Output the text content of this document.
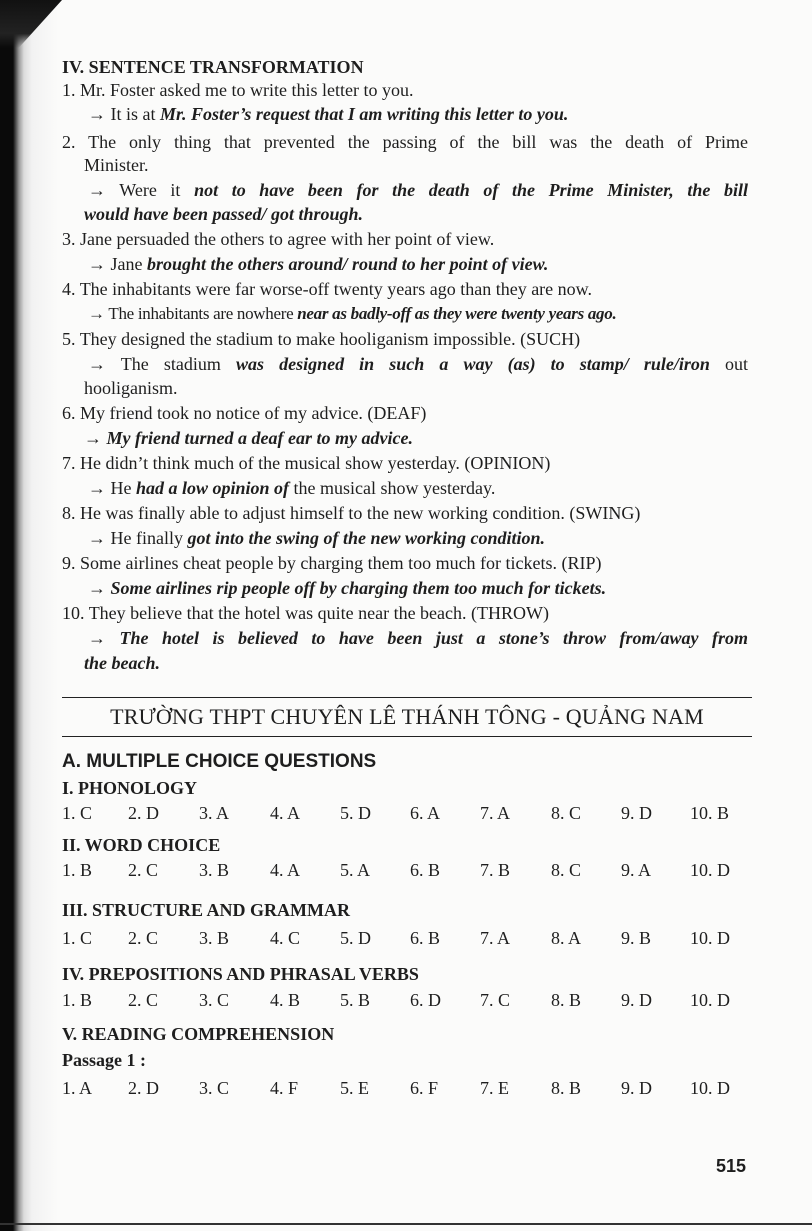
IV. SENTENCE TRANSFORMATION
1. Mr. Foster asked me to write this letter to you.
→ It is at Mr. Foster’s request that I am writing this letter to you.
2. The only thing that prevented the passing of the bill was the death of Prime
Minister.
→ Were it not to have been for the death of the Prime Minister, the bill
would have been passed/ got through.
3. Jane persuaded the others to agree with her point of view.
→ Jane brought the others around/ round to her point of view.
4. The inhabitants were far worse-off twenty years ago than they are now.
→ The inhabitants are nowhere near as badly-off as they were twenty years ago.
5. They designed the stadium to make hooliganism impossible. (SUCH)
→ The stadium was designed in such a way (as) to stamp/ rule/iron out
hooliganism.
6. My friend took no notice of my advice. (DEAF)
→ My friend turned a deaf ear to my advice.
7. He didn’t think much of the musical show yesterday. (OPINION)
→ He had a low opinion of the musical show yesterday.
8. He was finally able to adjust himself to the new working condition. (SWING)
→ He finally got into the swing of the new working condition.
9. Some airlines cheat people by charging them too much for tickets. (RIP)
→ Some airlines rip people off by charging them too much for tickets.
10. They believe that the hotel was quite near the beach. (THROW)
→ The hotel is believed to have been just a stone’s throw from/away from
the beach.
TRƯỜNG THPT CHUYÊN LÊ THÁNH TÔNG - QUẢNG NAM
A. MULTIPLE CHOICE QUESTIONS
I. PHONOLOGY
1. C 2. D 3. A 4. A 5. D 6. A 7. A 8. C 9. D 10. B
II. WORD CHOICE
1. B 2. C 3. B 4. A 5. A 6. B 7. B 8. C 9. A 10. D
III. STRUCTURE AND GRAMMAR
1. C 2. C 3. B 4. C 5. D 6. B 7. A 8. A 9. B 10. D
IV. PREPOSITIONS AND PHRASAL VERBS
1. B 2. C 3. C 4. B 5. B 6. D 7. C 8. B 9. D 10. D
V. READING COMPREHENSION
Passage 1 :
1. A 2. D 3. C 4. F 5. E 6. F 7. E 8. B 9. D 10. D
515
